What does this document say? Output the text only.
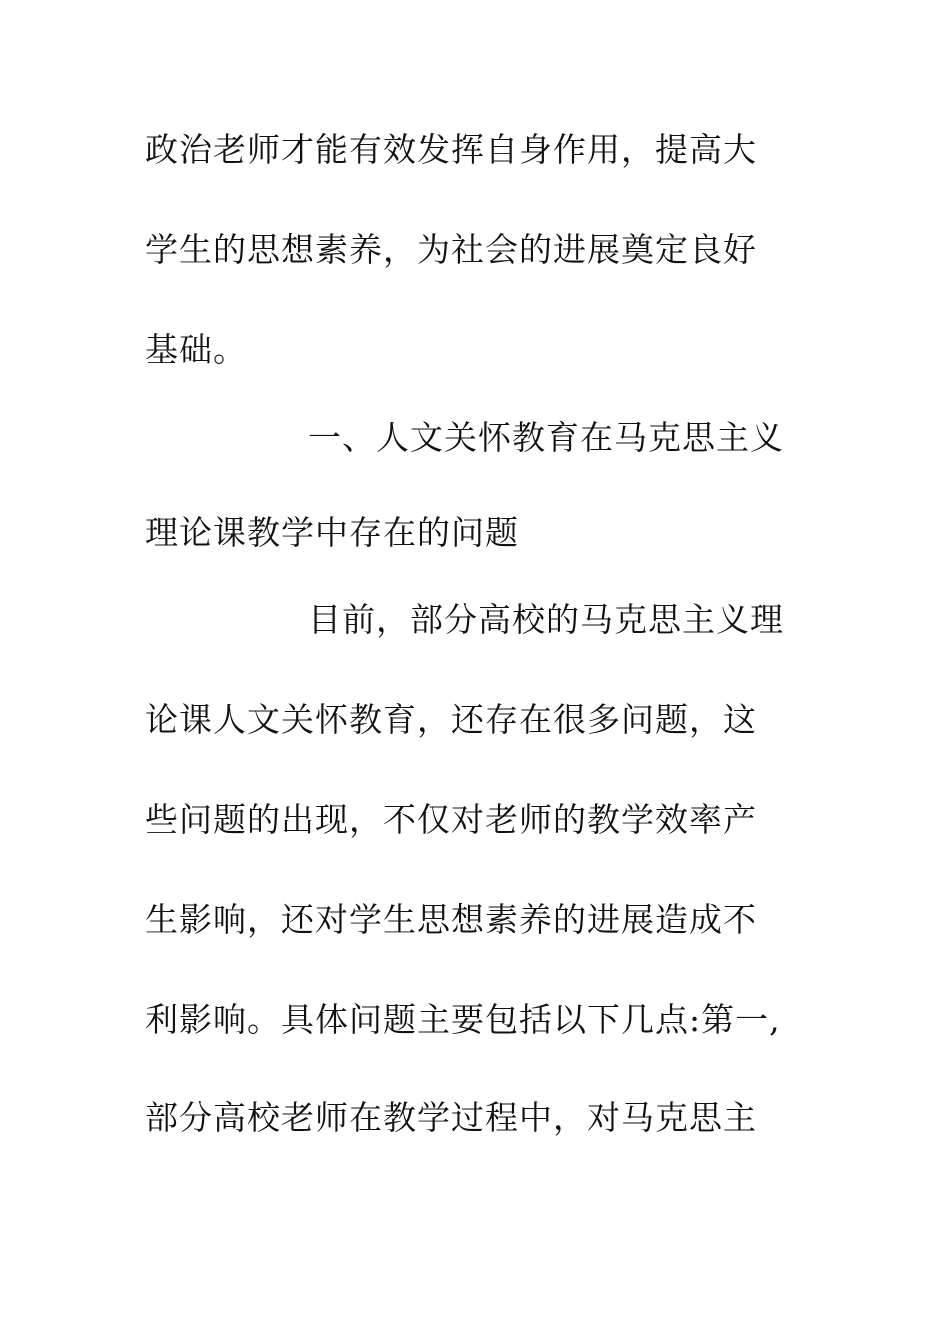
政治老师才能有效发挥自身作用，提高大
学生的思想素养，为社会的进展奠定良好
基础。
一、人文关怀教育在马克思主义
理论课教学中存在的问题
目前，部分高校的马克思主义理
论课人文关怀教育，还存在很多问题，这
些问题的出现，不仅对老师的教学效率产
生影响，还对学生思想素养的进展造成不
利影响。具体问题主要包括以下几点:第一,
部分高校老师在教学过程中，对马克思主
